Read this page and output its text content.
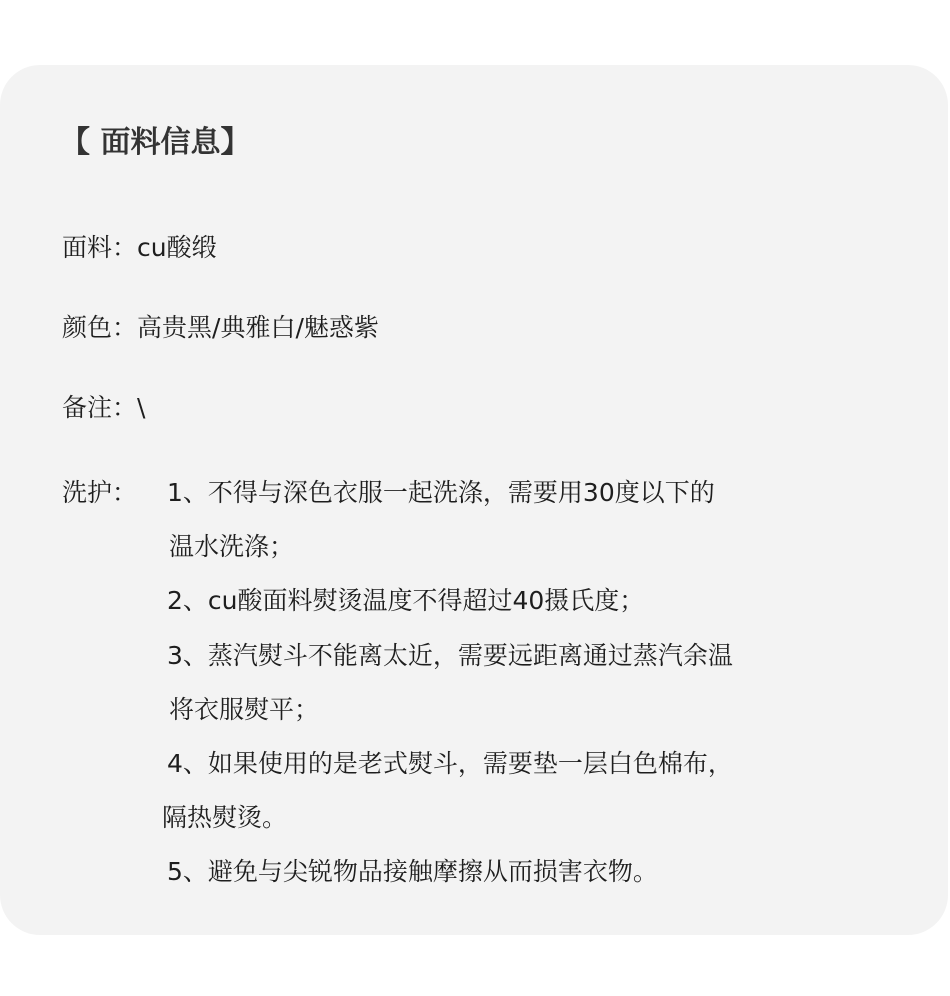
【 面料信息】
面料：cu酸缎
颜色：高贵黑/典雅白/魅惑紫
备注：\
洗护： 1、不得与深色衣服一起洗涤，需要用30度以下的
温水洗涤；
2、cu酸面料熨烫温度不得超过40摄氏度；
3、蒸汽熨斗不能离太近，需要远距离通过蒸汽余温
将衣服熨平；
4、如果使用的是老式熨斗，需要垫一层白色棉布，
隔热熨烫。
5、避免与尖锐物品接触摩擦从而损害衣物。
